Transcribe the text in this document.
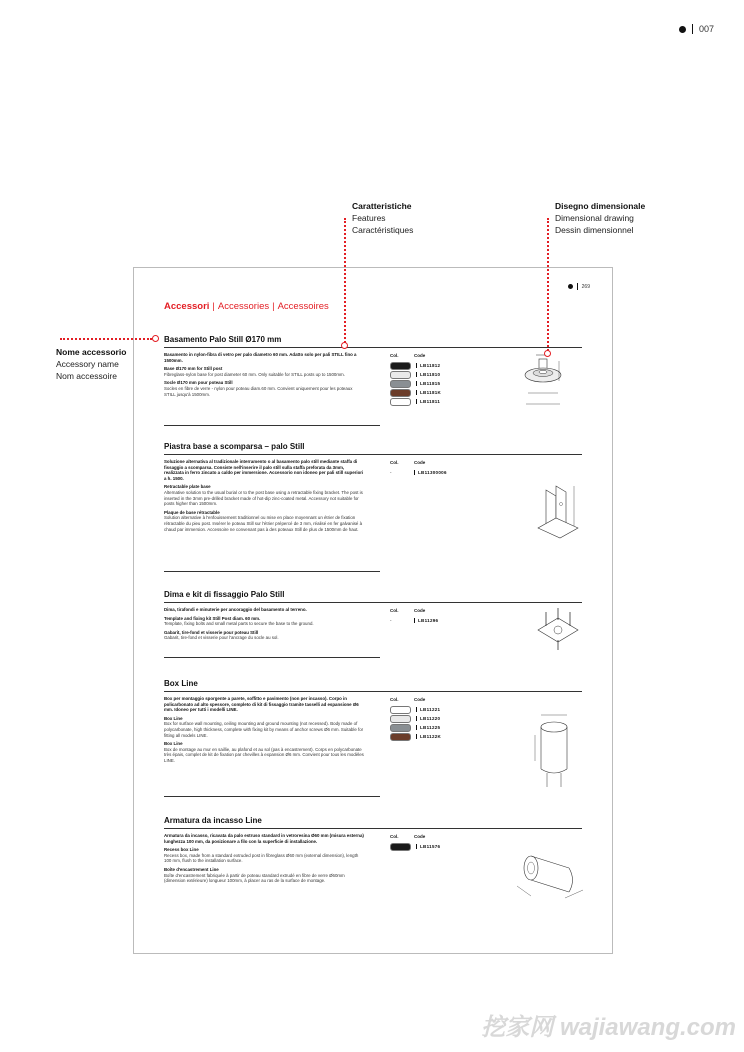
007
Caratteristiche
Features
Caractéristiques
Disegno dimensionale
Dimensional drawing
Dessin dimensionnel
Nome accessorio
Accessory name
Nom accessoire
269
Accessori | Accessories | Accessoires
Basamento Palo Still Ø170 mm

Basamento in nylon-fibra di vetro per palo diametro 60 mm. Adatto solo per pali STILL fino a 1500mm.

Base Ø170 mm for Still post

Fibreglass-nylon base for post diameter 60 mm. Only suitable for STILL posts up to 1500mm.

Socle Ø170 mm pour poteau Still

Socles en fibre de verre - nylon pour poteau diam.60 mm. Convient uniquement pour les poteaux STILL jusqu'à 1500mm.

Col.	Code
LB11812
LB11810
LB11815
LB1181K
LB11811
Piastra base a scomparsa – palo Still

Soluzione alternativa al tradizionale interramento o al basamento palo still mediante staffa di fissaggio a scomparsa. Consiste nell'inserire il palo still sulla staffa preforata da 3mm, realizzata in ferro zincato a caldo per immersione. Accessorio non idoneo per pali still superiori a h. 1500.

Retractable plate base

Alternative solution to the usual burial or to the post base using a retractable fixing bracket. The post is inserted in the 3mm pre-drilled bracket made of hot-dip zinc-coated metal. Accessory not suitable for posts higher than 1500mm.

Plaque de base rétractable

Solution alternative à l'enfouissement traditionnel ou mise en place moyennant un étrier de fixation rétractable du pieu post. Insérer le poteau Still sur l'étrier prépercé de 3 mm, réalisé en fer galvanisé à chaud par immersion. Accessoire ne convenant pas à des poteaux Still de plus de 1500mm de haut.

Col.	Code
-	LB11300006
Dima e kit di fissaggio Palo Still

Dima, tirafondi e minuterie per ancoraggio del basamento al terreno.

Template and fixing kit Still Post diam. 60 mm.

Template, fixing bolts and small metal parts to secure the base to the ground.

Gabarit, tire-fond et visserie pour poteau Still

Gabarit, tire-fond et visserie pour l'ancrage du socle au sol.

Col.	Code
-	LB11296
Box Line

Box per montaggio sporgente a parete, soffitto e pavimento (non per incasso). Corpo in policarbonato ad alto spessore, completo di kit di fissaggio tramite tasselli ad espansione Ø6 mm. Idoneo per tutti i modelli LINE.

Box Line

Box for surface wall mounting, ceiling mounting and ground mounting (not recessed). Body made of polycarbonate, high thickness, complete with fixing kit by means of anchor screws Ø6 mm. Suitable for fitting all models LINE.

Box Line

Box de montage au mur en saillie, au plafond et au sol (pas à encastrement). Corps en polycarbonate très épais, complet de kit de fixation par chevilles à expansion Ø6 mm. Convient pour tous les modèles LINE.

Col.	Code
LB11221
LB11220
LB11225
LB1122K
Armatura da incasso Line

Armatura da incasso, ricavata da palo estruso standard in vetroresina Ø60 mm (misura esterna) lunghezza 100 mm, da posizionare a filo con la superficie di installazione.

Recess box Line

Recess box, made from a standard extruded post in fibreglass Ø60 mm (external dimension), length 100 mm, flush to the installation surface.

Boîte d'encastrement Line

Boîte d'encastrement fabriquée à partir de poteau standard extrudé en fibre de verre Ø60mm (dimension extérieure) longueur 100mm, à placer au ras de la surface de montage.

Col.	Code
LB11576
挖家网 wajiawang.com
